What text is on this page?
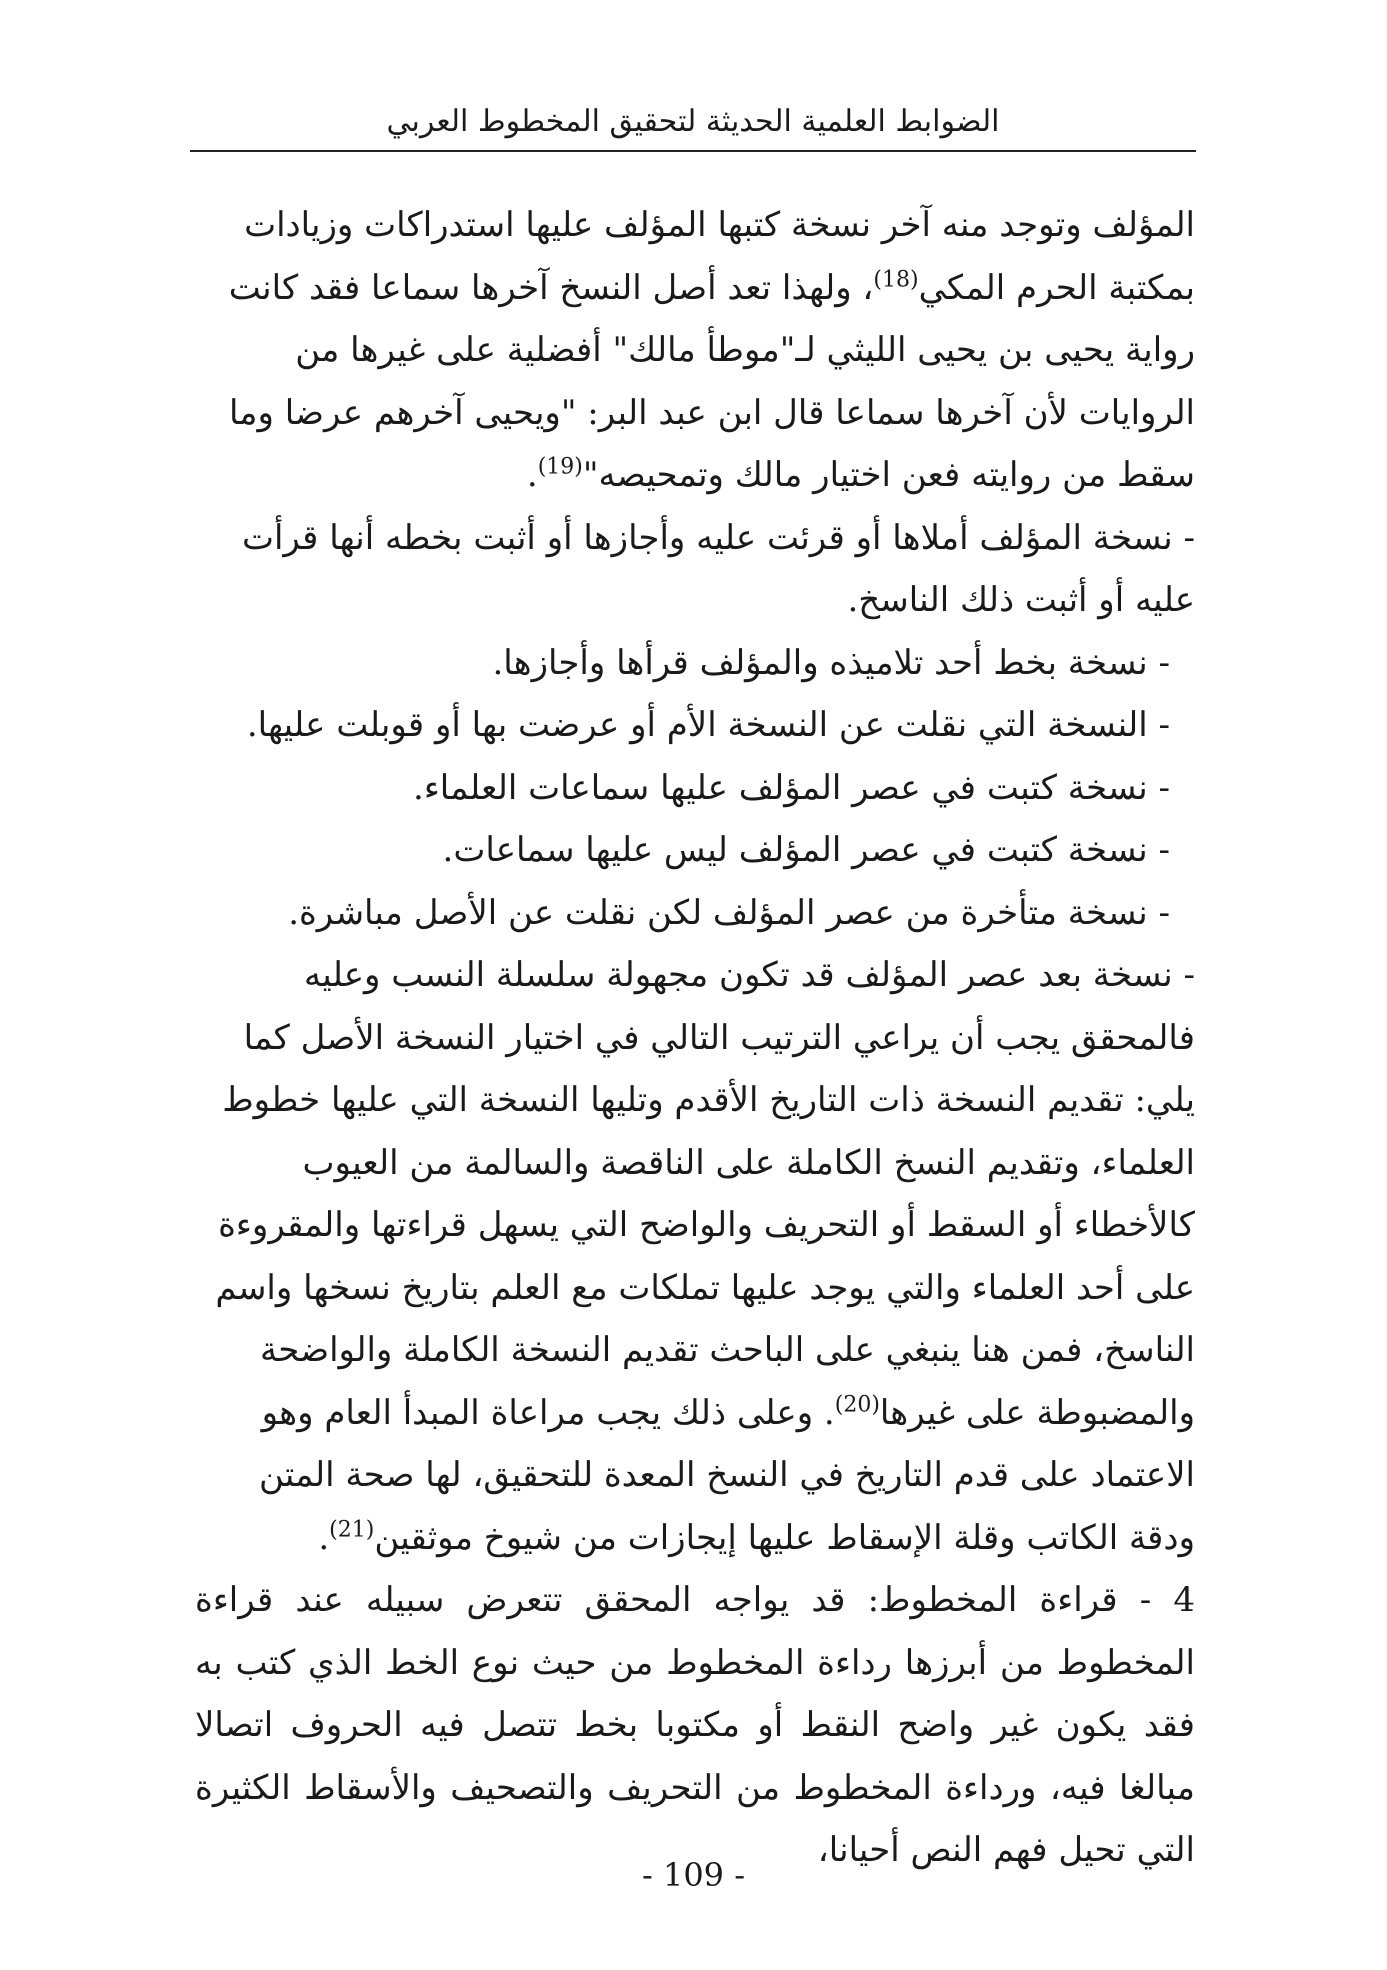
الضوابط العلمية الحديثة لتحقيق المخطوط العربي

المؤلف وتوجد منه آخر نسخة كتبها المؤلف عليها استدراكات وزيادات بمكتبة الحرم المكي$^{(18)}$، ولهذا تعد أصل النسخ آخرها سماعا فقد كانت رواية يحيى بن يحيى الليثي لـ"موطأ مالك" أفضلية على غيرها من الروايات لأن آخرها سماعا قال ابن عبد البر: "ويحيى آخرهم عرضا وما سقط من روايته فعن اختيار مالك وتمحيصه"$^{(19)}$.

- نسخة المؤلف أملاها أو قرئت عليه وأجازها أو أثبت بخطه أنها قرأت عليه أو أثبت ذلك الناسخ.

- نسخة بخط أحد تلاميذه والمؤلف قرأها وأجازها.

- النسخة التي نقلت عن النسخة الأم أو عرضت بها أو قوبلت عليها.

- نسخة كتبت في عصر المؤلف عليها سماعات العلماء.

- نسخة كتبت في عصر المؤلف ليس عليها سماعات.

- نسخة متأخرة من عصر المؤلف لكن نقلت عن الأصل مباشرة.

- نسخة بعد عصر المؤلف قد تكون مجهولة سلسلة النسب وعليه فالمحقق يجب أن يراعي الترتيب التالي في اختيار النسخة الأصل كما يلي: تقديم النسخة ذات التاريخ الأقدم وتليها النسخة التي عليها خطوط العلماء، وتقديم النسخ الكاملة على الناقصة والسالمة من العيوب كالأخطاء أو السقط أو التحريف والواضح التي يسهل قراءتها والمقروءة على أحد العلماء والتي يوجد عليها تملكات مع العلم بتاريخ نسخها واسم الناسخ، فمن هنا ينبغي على الباحث تقديم النسخة الكاملة والواضحة والمضبوطة على غيرها$^{(20)}$. وعلى ذلك يجب مراعاة المبدأ العام وهو الاعتماد على قدم التاريخ في النسخ المعدة للتحقيق، لها صحة المتن ودقة الكاتب وقلة الإسقاط عليها إيجازات من شيوخ موثقين$^{(21)}$.

4 - قراءة المخطوط: قد يواجه المحقق تتعرض سبيله عند قراءة المخطوط من أبرزها رداءة المخطوط من حيث نوع الخط الذي كتب به فقد يكون غير واضح النقط أو مكتوبا بخط تتصل فيه الحروف اتصالا مبالغا فيه، ورداءة المخطوط من التحريف والتصحيف والأسقاط الكثيرة التي تحيل فهم النص أحيانا،

- 109 -
